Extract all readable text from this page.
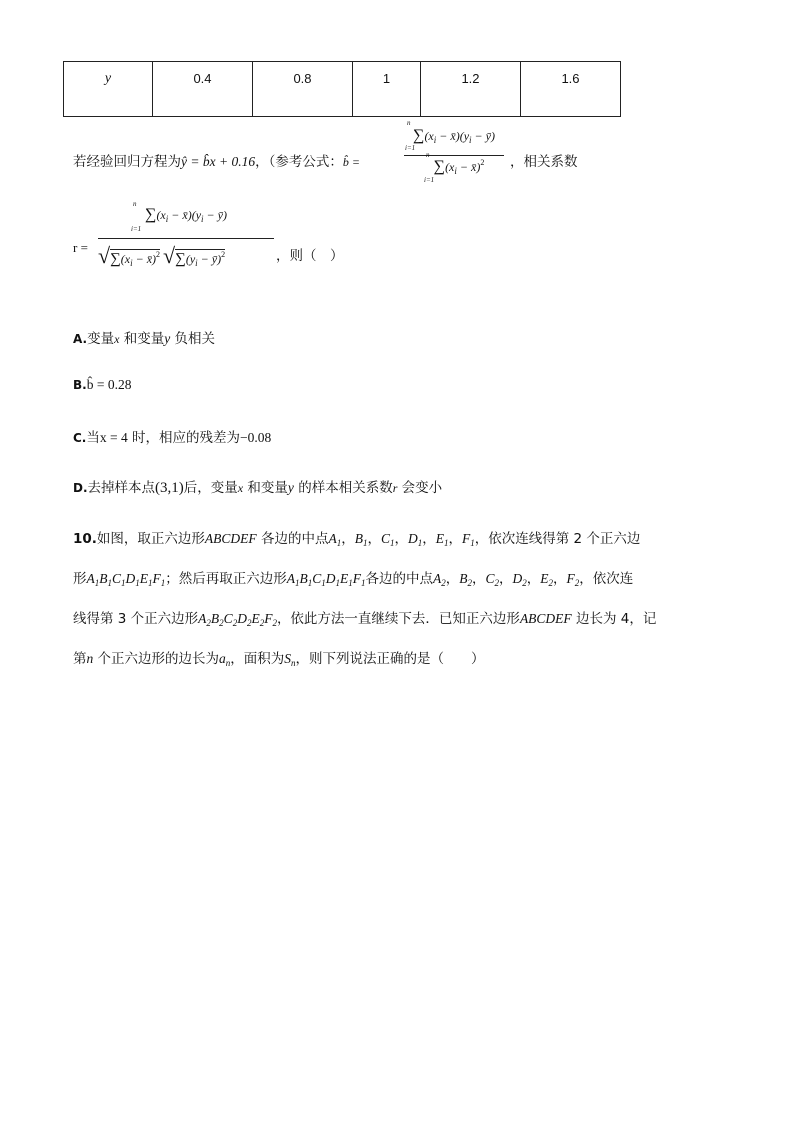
y	0.4	0.8	1	1.2	1.6
若经验回归方程为ŷ = b̂x + 0.16，（参考公式：b̂ =
$\sum(x_i$ − $x̄)(y_i$ − ȳ)
n
i=1
$\sum(x_i$ − x̄)$^2$
n
i=1
，相关系数
r =
$\sum(x_i$ − $x̄)(y_i$ − ȳ)
n
i=1
$√\sum(x_i$ − x̄)$^2$ $√\sum(y_i$ − ȳ)$^2$	，则（　）
A.变量x 和变量y 负相关
B.b̂ = 0.28
C.当x = 4 时，相应的残差为−0.08
D.去掉样本点(3,1)后，变量x 和变量y 的样本相关系数r 会变小
10.如图，取正六边形ABCDEF 各边的中点$A_1$，$B_1$，$C_1$，$D_1$，$E_1$，$F_1$，依次连线得第 2 个正六边
形$A_1B_1C_1D_1E_1F_1$；然后再取正六边形$A_1B_1C_1D_1E_1F_1$各边的中点$A_2$，$B_2$，$C_2$，$D_2$，$E_2$，$F_2$，依次连
线得第 3 个正六边形$A_2B_2C_2D_2E_2F_2$，依此方法一直继续下去．已知正六边形ABCDEF 边长为 4，记
第n 个正六边形的边长为$a_n$，面积为$S_n$，则下列说法正确的是（　　）
